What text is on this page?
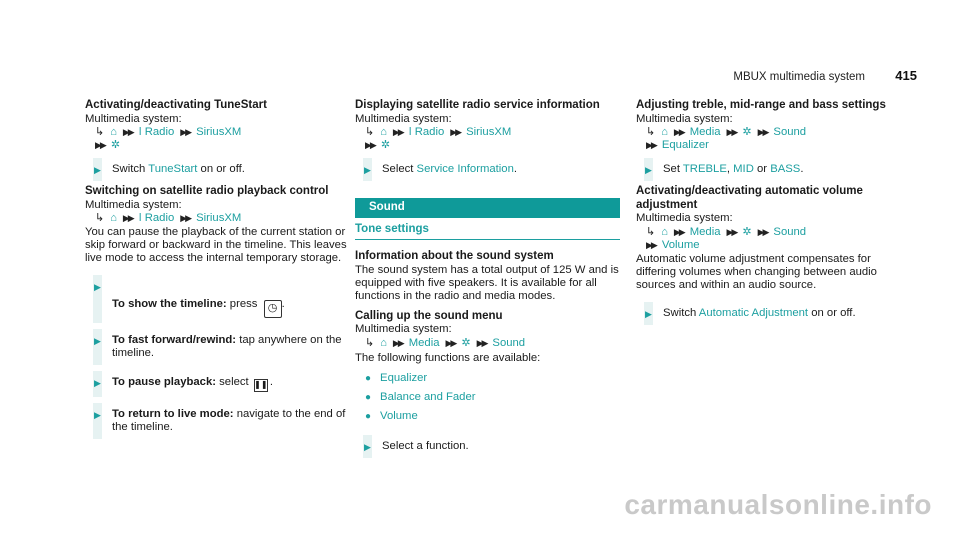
MBUX multimedia system 415

Activating/deactivating TuneStart

Multimedia system:

↳ ⌂ ▶▶ ǀ
Radio ▶▶ SiriusXM
▶▶ ✲
▶ Switch TuneStart on or off.

Switching on satellite radio playback control

Multimedia system:

↳ ⌂ ▶▶ ǀ
Radio ▶▶ SiriusXM

You can pause the playback of the current station or skip forward or backward in the timeline. This leaves live mode to access the internal temporary storage.

▶
To show the timeline: press ◷ .
▶ To fast forward/rewind: tap anywhere on the timeline.
▶ To pause playback: select ❚❚ .
▶ To return to live mode: navigate to the end of the timeline.

Displaying satellite radio service information

Multimedia system:

↳ ⌂ ▶▶ ǀ
Radio ▶▶ SiriusXM
▶▶ ✲
▶ Select Service Information.
Sound
Tone settings

Information about the sound system

The sound system has a total output of 125 W and is equipped with five speakers. It is available for all functions in the radio and media modes.

Calling up the sound menu

Multimedia system:

↳ ⌂ ▶▶ Media ▶▶ ✲ ▶▶ Sound

The following functions are available:

● Equalizer
● Balance and Fader
● Volume
▶ Select a function.

Adjusting treble, mid-range and bass settings

Multimedia system:

↳ ⌂ ▶▶ Media ▶▶ ✲ ▶▶ Sound
▶▶ Equalizer
▶ Set TREBLE, MID or BASS.

Activating/deactivating automatic volume adjustment

Multimedia system:

↳ ⌂ ▶▶ Media ▶▶ ✲ ▶▶ Sound
▶▶ Volume

Automatic volume adjustment compensates for differing volumes when changing between audio sources and within an audio source.

▶ Switch Automatic Adjustment on or off.
carmanualsonline.info
